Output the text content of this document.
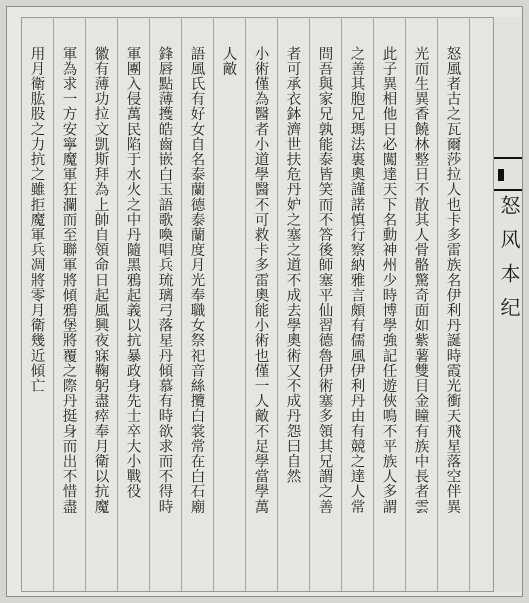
怒風者古之瓦爾莎拉人也卡多雷族名伊利丹誕時霞光衝天飛星落空伴異
光而生異香饒林整日不散其人骨骼驚奇面如紫薯雙目金瞳有族中長者雲
此子異相他日必闖達天下名動神州少時博學強記任遊俠鳴不平族人多謂
之善其胞兄瑪法裏奧謹諾慎行察納雅言頗有儒風伊利丹由有競之達人常
問吾與家兄孰能泰皆笑而不答後師塞平仙習德魯伊術塞多領其兄謂之善
者可承衣鉢濟世扶危丹妒之塞之道不成去學奧術又不成丹怨曰自然
小術僅為醫者小道學醫不可救卡多雷奧能小術也僅一人敵不足學當學萬
人敵
語風氏有好女自名泰蘭德泰蘭度月光奉職女祭祀音絲攬白裳常在白石廟
鋒唇點薄擭皓齒嵌白玉語歌喚唱兵琉璃弓落星丹傾慕有時欲求而不得時
軍團入侵萬民陷于水火之中丹隨黑鴉起義以抗暴政身先士卒大小戰役
徽有薄功拉文凱斯拜為上帥自領命日起風興夜寐鞠躬盡瘁奉月衛以抗魔
軍為求一方安寧魔軍狂瀾而至聯軍將傾鴉堡將覆之際丹挺身而出不惜盡
用月衛肱股之力抗之雖拒魔軍兵凋將零月衛幾近傾亡	怒风本纪
